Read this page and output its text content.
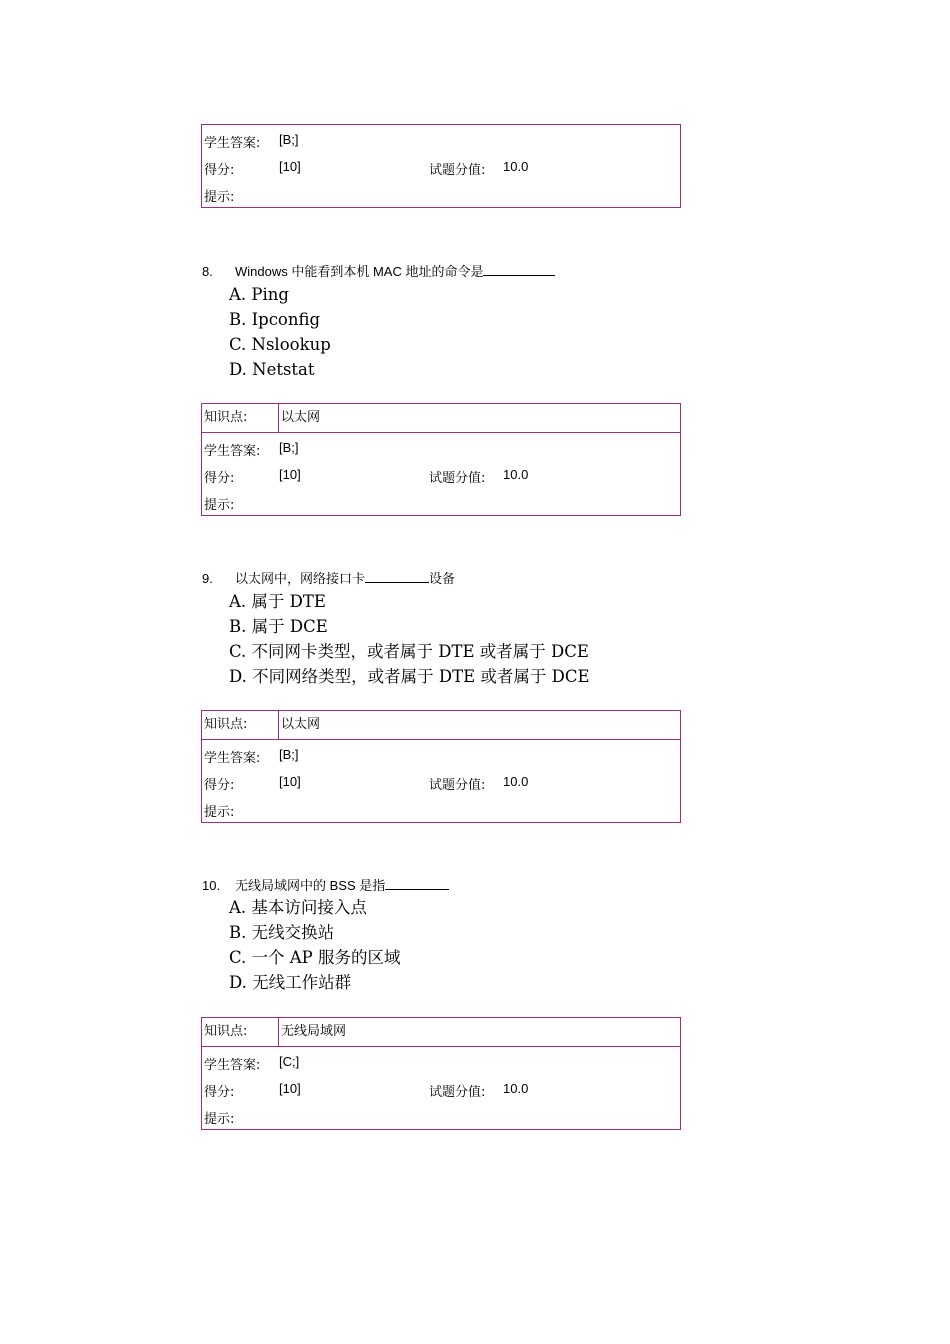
学生答案: [B;]
得分:	[10]	试题分值: 10.0
提示:
8. Windows 中能看到本机 MAC 地址的命令是
A. Ping
B. Ipconfig
C. Nslookup
D. Netstat
知识点:	以太网
学生答案: [B;]
得分:	[10]	试题分值: 10.0
提示:
9. 以太网中，网络接口卡	设备
A. 属于 DTE
B. 属于 DCE
C. 不同网卡类型，或者属于 DTE 或者属于 DCE
D. 不同网络类型，或者属于 DTE 或者属于 DCE
知识点:	以太网
学生答案: [B;]
得分:	[10]	试题分值: 10.0
提示:
10. 无线局域网中的 BSS 是指
A. 基本访问接入点
B. 无线交换站
C. 一个 AP 服务的区域
D. 无线工作站群
知识点:	无线局域网
学生答案: [C;]
得分:	[10]	试题分值: 10.0
提示:
